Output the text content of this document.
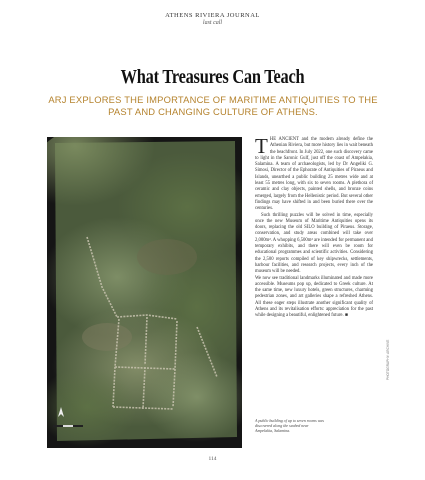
ATHENS RIVIERA JOURNAL
last call
What Treasures Can Teach
ARJ EXPLORES THE IMPORTANCE OF MARITIME ANTIQUITIES TO THE PAST AND CHANGING CULTURE OF ATHENS.
THE ANCIENT and the modern already define the Athenian Riviera, but more history lies in wait beneath the beachfront. In July 2022, one such discovery came to light in the Saronic Gulf, just off the coast of Ampelakia, Salamina. A team of archaeologists, led by Dr Angeliki G. Simosi, Director of the Ephorate of Antiquities of Piraeus and Islands, unearthed a public building 25 metres wide and at least 55 metres long, with six to seven rooms. A plethora of ceramic and clay objects, painted shells, and bronze coins emerged, largely from the Hellenistic period. But several other findings may have shifted in and been buried there over the centuries.
Such thrilling puzzles will be solved in time, especially once the new Museum of Maritime Antiquities opens its doors, replacing the old SILO building of Piraeus. Storage, conservation, and study areas combined will take over 2,000m². A whopping 6,500m² are intended for permanent and temporary exhibits, and there will even be room for educational programmes and scientific activities. Considering the 2,500 reports compiled of key shipwrecks, settlements, harbour facilities, and research projects, every inch of the museum will be needed.
We now see traditional landmarks illuminated and made more accessible. Museums pop up, dedicated to Greek culture. At the same time, new luxury hotels, green structures, charming pedestrian zones, and art galleries shape a refreshed Athens. All these eager steps illustrate another significant quality of Athens and its revitalisation efforts: appreciation for the past while designing a beautiful, enlightened future. ■
A public building of up to seven rooms was discovered along the seabed near Ampelakia, Salamina.
PHOTOGRAPHY: ARCHIVE
114
